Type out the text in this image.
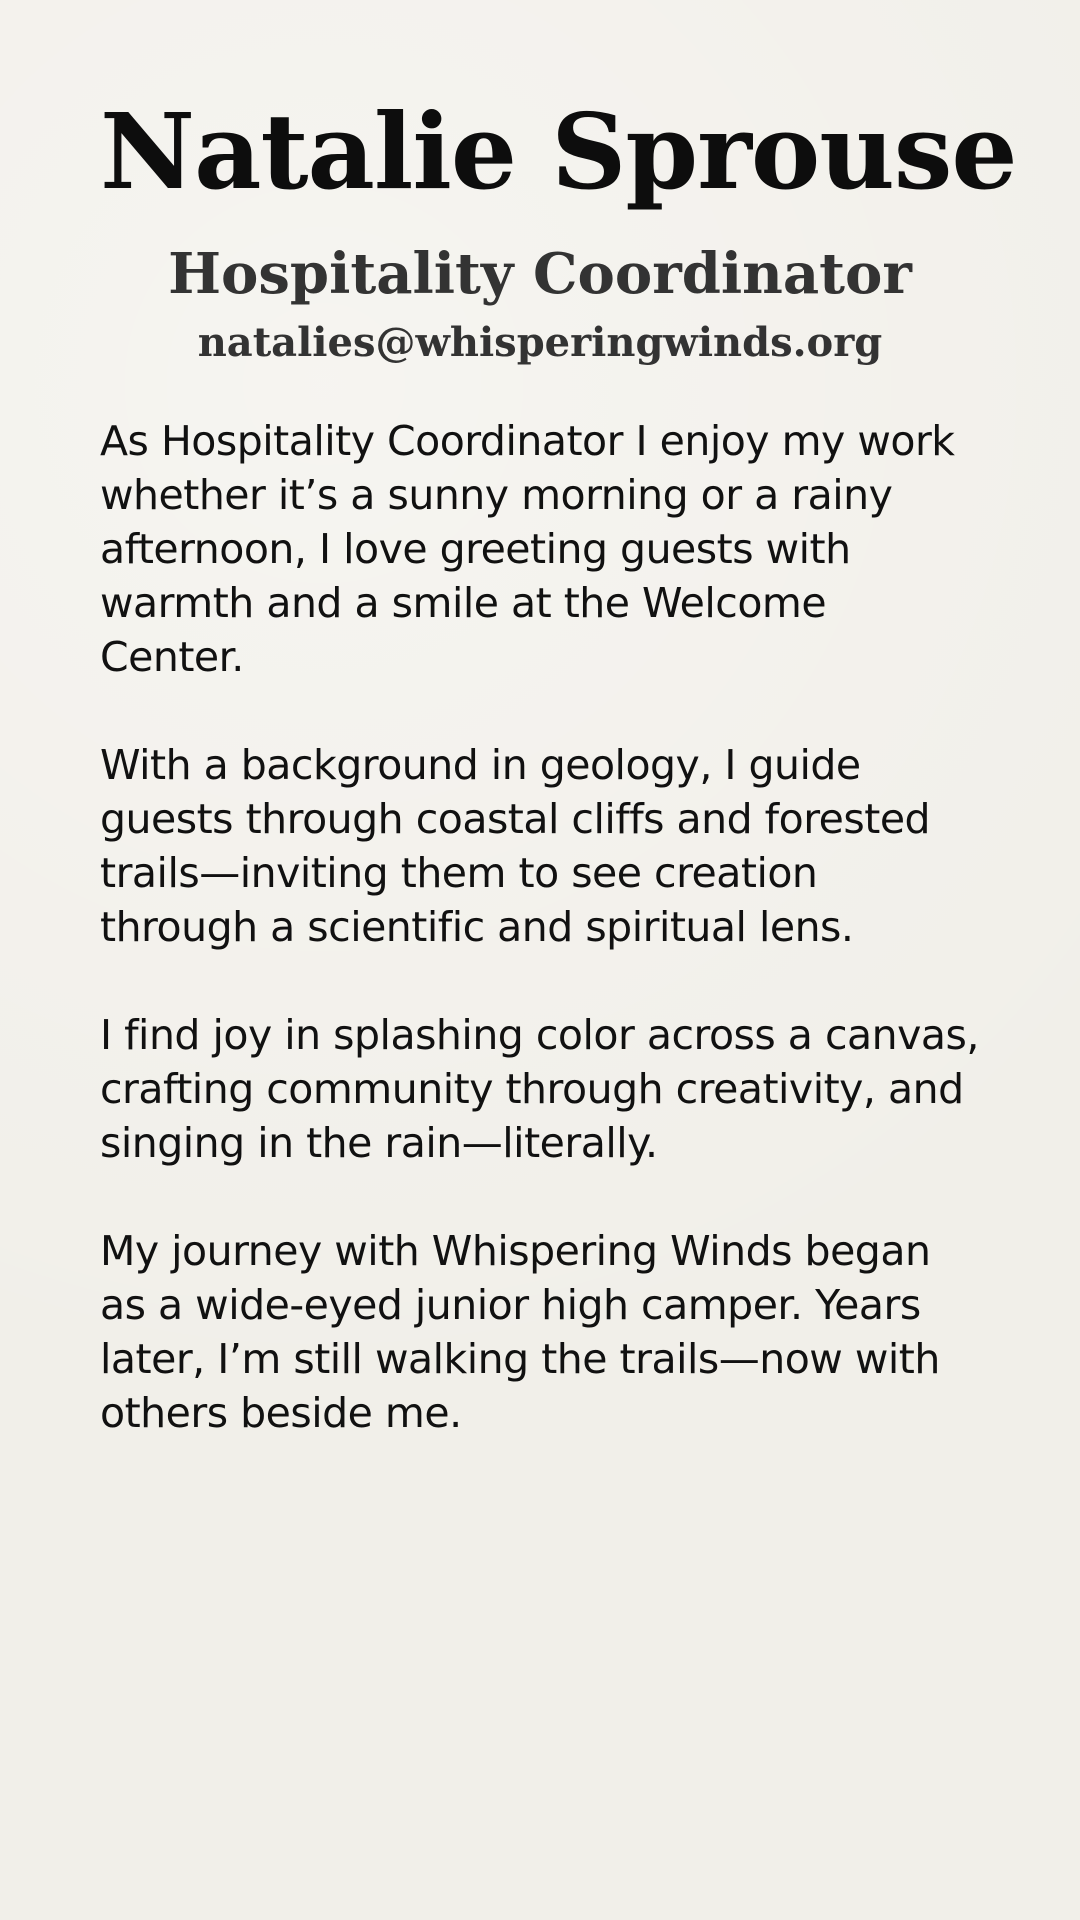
Natalie Sprouse
Hospitality Coordinator
natalies@whisperingwinds.org

As Hospitality Coordinator I enjoy my work whether it’s a sunny morning or a rainy afternoon, I love greeting guests with warmth and a smile at the Welcome Center.

With a background in geology, I guide guests through coastal cliffs and forested trails—inviting them to see creation through a scientific and spiritual lens.

I find joy in splashing color across a canvas, crafting community through creativity, and singing in the rain—literally.

My journey with Whispering Winds began as a wide-eyed junior high camper. Years later, I’m still walking the trails—now with others beside me.
